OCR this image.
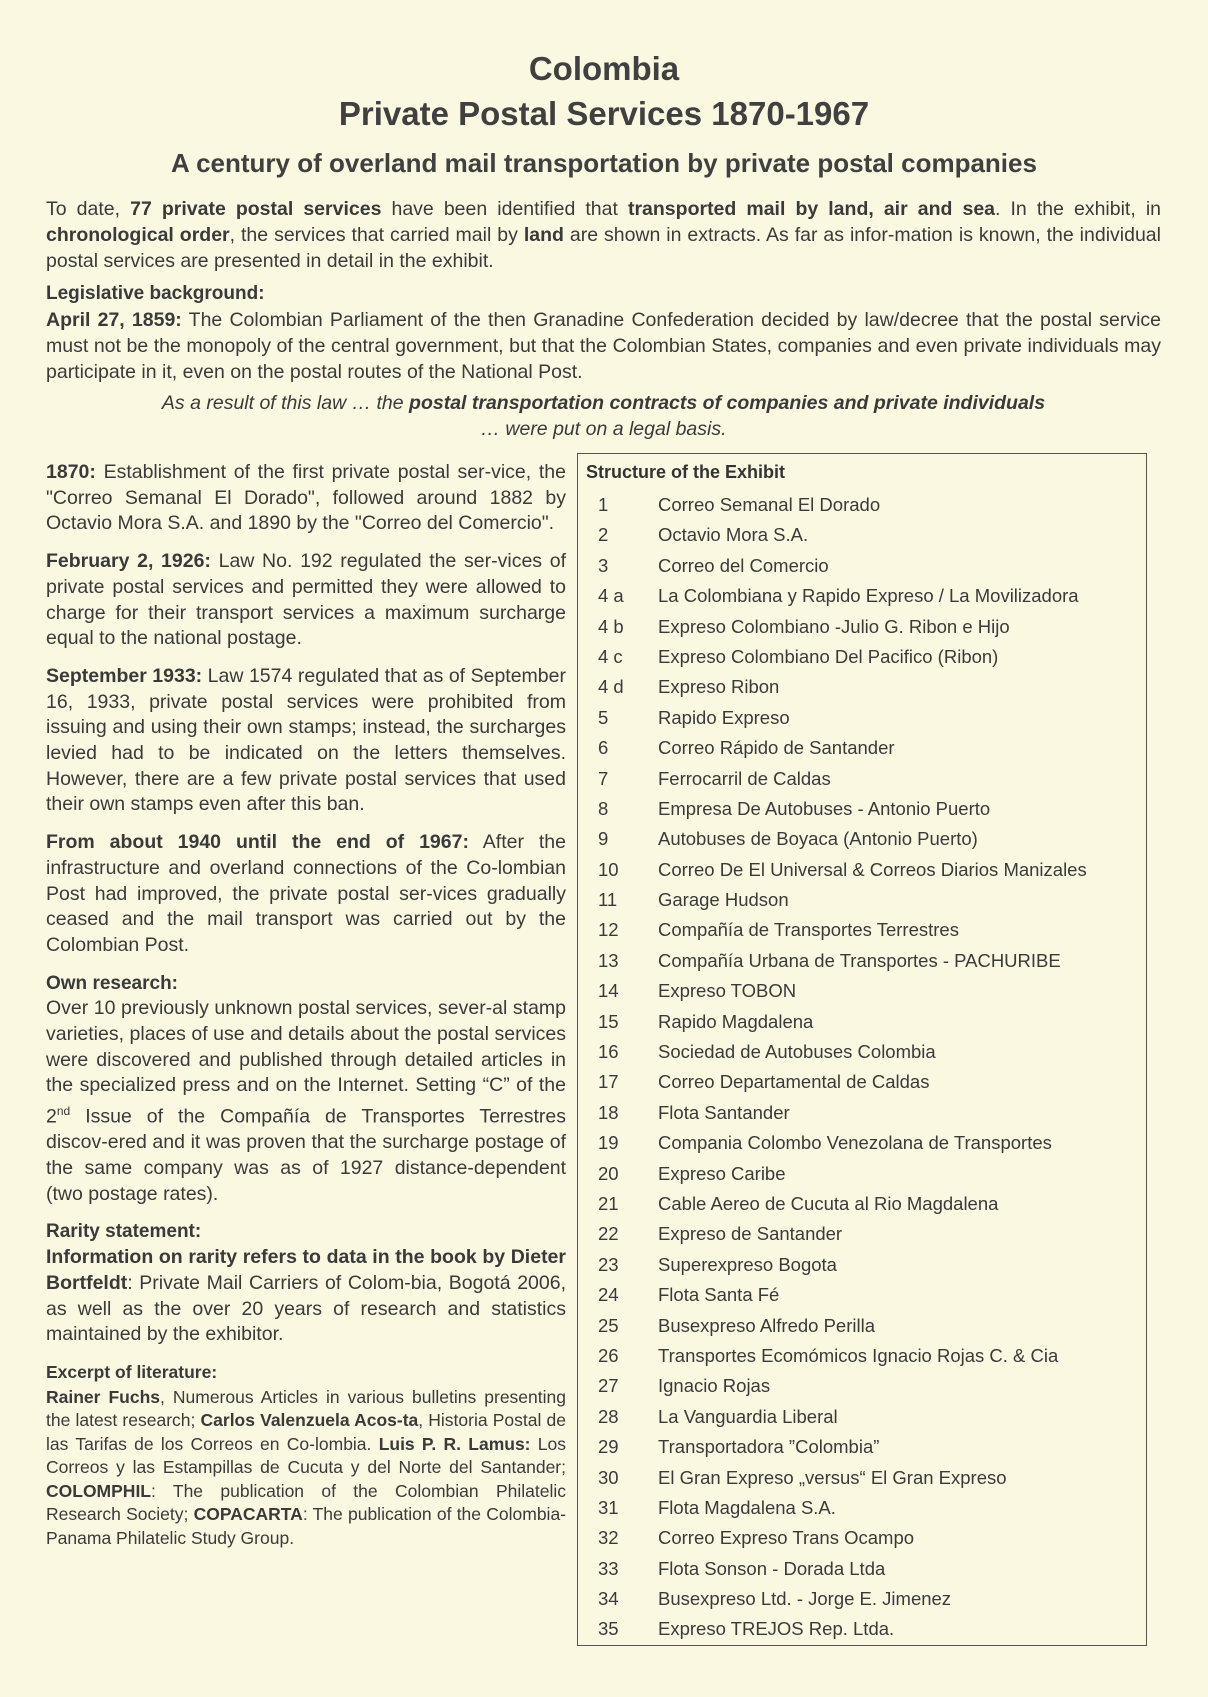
Colombia
Private Postal Services 1870-1967
A century of overland mail transportation by private postal companies
To date, 77 private postal services have been identified that transported mail by land, air and sea. In the exhibit, in chronological order, the services that carried mail by land are shown in extracts. As far as infor-mation is known, the individual postal services are presented in detail in the exhibit.
Legislative background:
April 27, 1859: The Colombian Parliament of the then Granadine Confederation decided by law/decree that the postal service must not be the monopoly of the central government, but that the Colombian States, companies and even private individuals may participate in it, even on the postal routes of the National Post.
As a result of this law … the postal transportation contracts of companies and private individuals
… were put on a legal basis.

1870: Establishment of the first private postal ser-vice, the "Correo Semanal El Dorado", followed around 1882 by Octavio Mora S.A. and 1890 by the "Correo del Comercio".

February 2, 1926: Law No. 192 regulated the ser-vices of private postal services and permitted they were allowed to charge for their transport services a maximum surcharge equal to the national postage.

September 1933: Law 1574 regulated that as of September 16, 1933, private postal services were prohibited from issuing and using their own stamps; instead, the surcharges levied had to be indicated on the letters themselves. However, there are a few private postal services that used their own stamps even after this ban.

From about 1940 until the end of 1967: After the infrastructure and overland connections of the Co-lombian Post had improved, the private postal ser-vices gradually ceased and the mail transport was carried out by the Colombian Post.

Own research:

Over 10 previously unknown postal services, sever-al stamp varieties, places of use and details about the postal services were discovered and published through detailed articles in the specialized press and on the Internet. Setting “C” of the 2nd Issue of the Compañía de Transportes Terrestres discov-ered and it was proven that the surcharge postage of the same company was as of 1927 distance-dependent (two postage rates).

Rarity statement:

Information on rarity refers to data in the book by Dieter Bortfeldt: Private Mail Carriers of Colom-bia, Bogotá 2006, as well as the over 20 years of research and statistics maintained by the exhibitor.

Excerpt of literature:

Rainer Fuchs, Numerous Articles in various bulletins presenting the latest research; Carlos Valenzuela Acos-ta, Historia Postal de las Tarifas de los Correos en Co-lombia. Luis P. R. Lamus: Los Correos y las Estampillas de Cucuta y del Norte del Santander; COLOMPHIL: The publication of the Colombian Philatelic Research Society; COPACARTA: The publication of the Colombia-Panama Philatelic Study Group.

Structure of the Exhibit
1	Correo Semanal El Dorado
2	Octavio Mora S.A.
3	Correo del Comercio
4 a La Colombiana y Rapido Expreso / La Movilizadora
4 b Expreso Colombiano -Julio G. Ribon e Hijo
4 c Expreso Colombiano Del Pacifico (Ribon)
4 d Expreso Ribon
5	Rapido Expreso
6	Correo Rápido de Santander
7	Ferrocarril de Caldas
8	Empresa De Autobuses - Antonio Puerto
9	Autobuses de Boyaca (Antonio Puerto)
10 Correo De El Universal & Correos Diarios Manizales
11 Garage Hudson
12 Compañía de Transportes Terrestres
13 Compañía Urbana de Transportes - PACHURIBE
14 Expreso TOBON
15 Rapido Magdalena
16 Sociedad de Autobuses Colombia
17 Correo Departamental de Caldas
18 Flota Santander
19 Compania Colombo Venezolana de Transportes
20 Expreso Caribe
21 Cable Aereo de Cucuta al Rio Magdalena
22 Expreso de Santander
23 Superexpreso Bogota
24 Flota Santa Fé
25 Busexpreso Alfredo Perilla
26 Transportes Ecomómicos Ignacio Rojas C. & Cia
27 Ignacio Rojas
28 La Vanguardia Liberal
29 Transportadora ”Colombia”
30 El Gran Expreso „versus“ El Gran Expreso
31 Flota Magdalena S.A.
32 Correo Expreso Trans Ocampo
33 Flota Sonson - Dorada Ltda
34 Busexpreso Ltd. - Jorge E. Jimenez
35 Expreso TREJOS Rep. Ltda.
